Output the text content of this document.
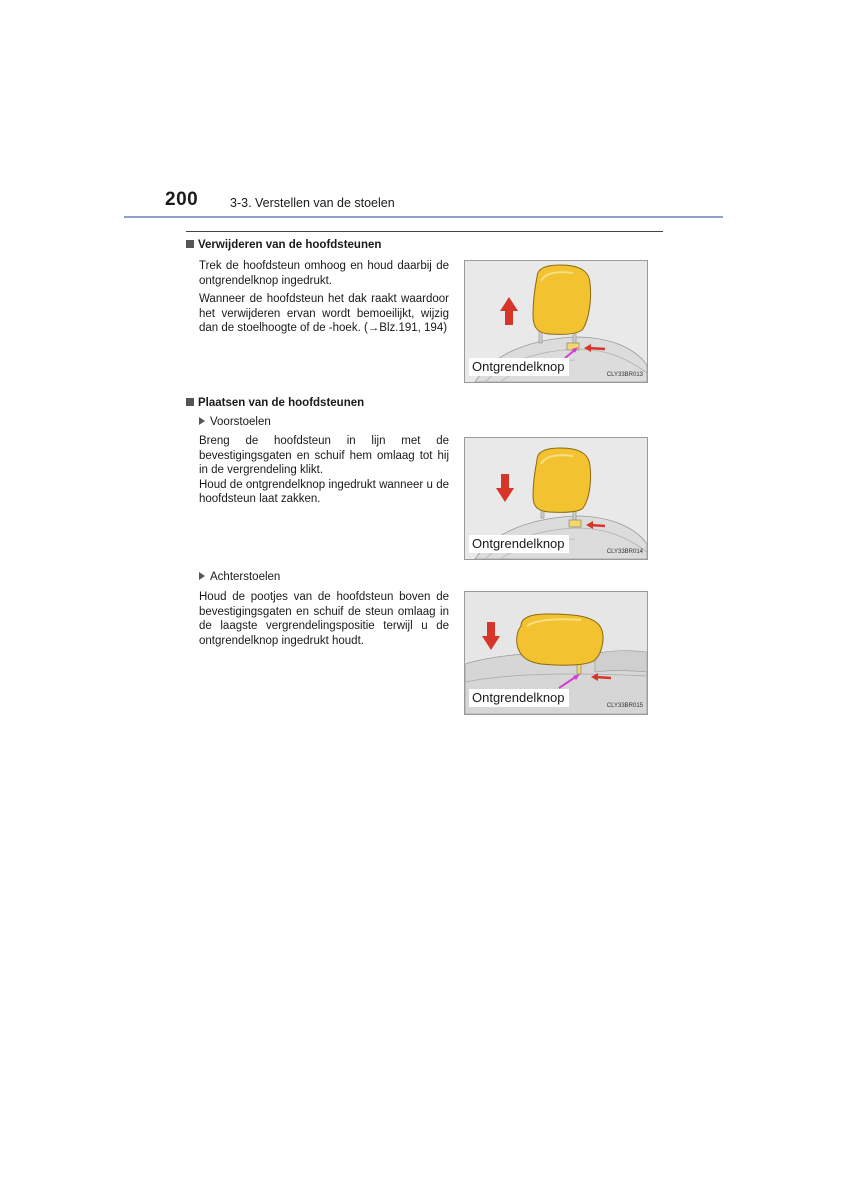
200	3-3. Verstellen van de stoelen
Verwijderen van de hoofdsteunen

Trek de hoofdsteun omhoog en houd daarbij de ontgrendelknop ingedrukt.

Wanneer de hoofdsteun het dak raakt waardoor het verwijderen ervan wordt bemoeilijkt, wijzig dan de stoelhoogte of de -hoek. (→Blz.191, 194)

Ontgrendelknop
CLY33BR013
Plaatsen van de hoofdsteunen
Voorstoelen

Breng de hoofdsteun in lijn met de bevestigingsgaten en schuif hem omlaag tot hij in de vergrendeling klikt.
Houd de ontgrendelknop ingedrukt wanneer u de hoofdsteun laat zakken.

Ontgrendelknop
CLY33BR014
Achterstoelen

Houd de pootjes van de hoofdsteun boven de bevestigingsgaten en schuif de steun omlaag in de laagste vergrendelingspositie terwijl u de ontgrendelknop ingedrukt houdt.

Ontgrendelknop
CLY33BR015
